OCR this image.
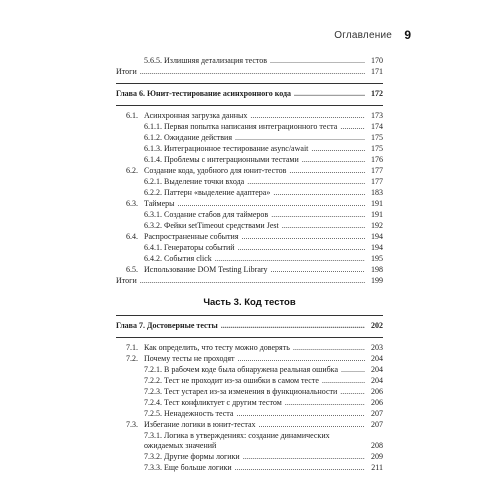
Оглавление 9
5.6.5. Излишняя детализация тестов .....	170
Итоги .....	171
Глава 6. Юнит-тестирование асинхронного кода .....	172
6.1. Асинхронная загрузка данных .....	173
6.1.1. Первая попытка написания интеграционного теста .....	174
6.1.2. Ожидание действия .....	175
6.1.3. Интеграционное тестирование async/await .....	175
6.1.4. Проблемы с интеграционными тестами .....	176
6.2. Создание кода, удобного для юнит-тестов .....	177
6.2.1. Выделение точки входа .....	177
6.2.2. Паттерн «выделение адаптера» .....	183
6.3. Таймеры .....	191
6.3.1. Создание стабов для таймеров .....	191
6.3.2. Фейки setTimeout средствами Jest .....	192
6.4. Распространенные события .....	194
6.4.1. Генераторы событий .....	194
6.4.2. События click .....	195
6.5. Использование DOM Testing Library .....	198
Итоги .....	199
Часть 3. Код тестов
Глава 7. Достоверные тесты .....	202
7.1. Как определить, что тесту можно доверять .....	203
7.2. Почему тесты не проходят .....	204
7.2.1. В рабочем коде была обнаружена реальная ошибка .....	204
7.2.2. Тест не проходит из-за ошибки в самом тесте .....	204
7.2.3. Тест устарел из-за изменения в функциональности .....	206
7.2.4. Тест конфликтует с другим тестом .....	206
7.2.5. Ненадежность теста .....	207
7.3. Избегание логики в юнит-тестах .....	207
7.3.1. Логика в утверждениях: создание динамических ожидаемых значений	208
7.3.2. Другие формы логики .....	209
7.3.3. Еще больше логики .....	211
